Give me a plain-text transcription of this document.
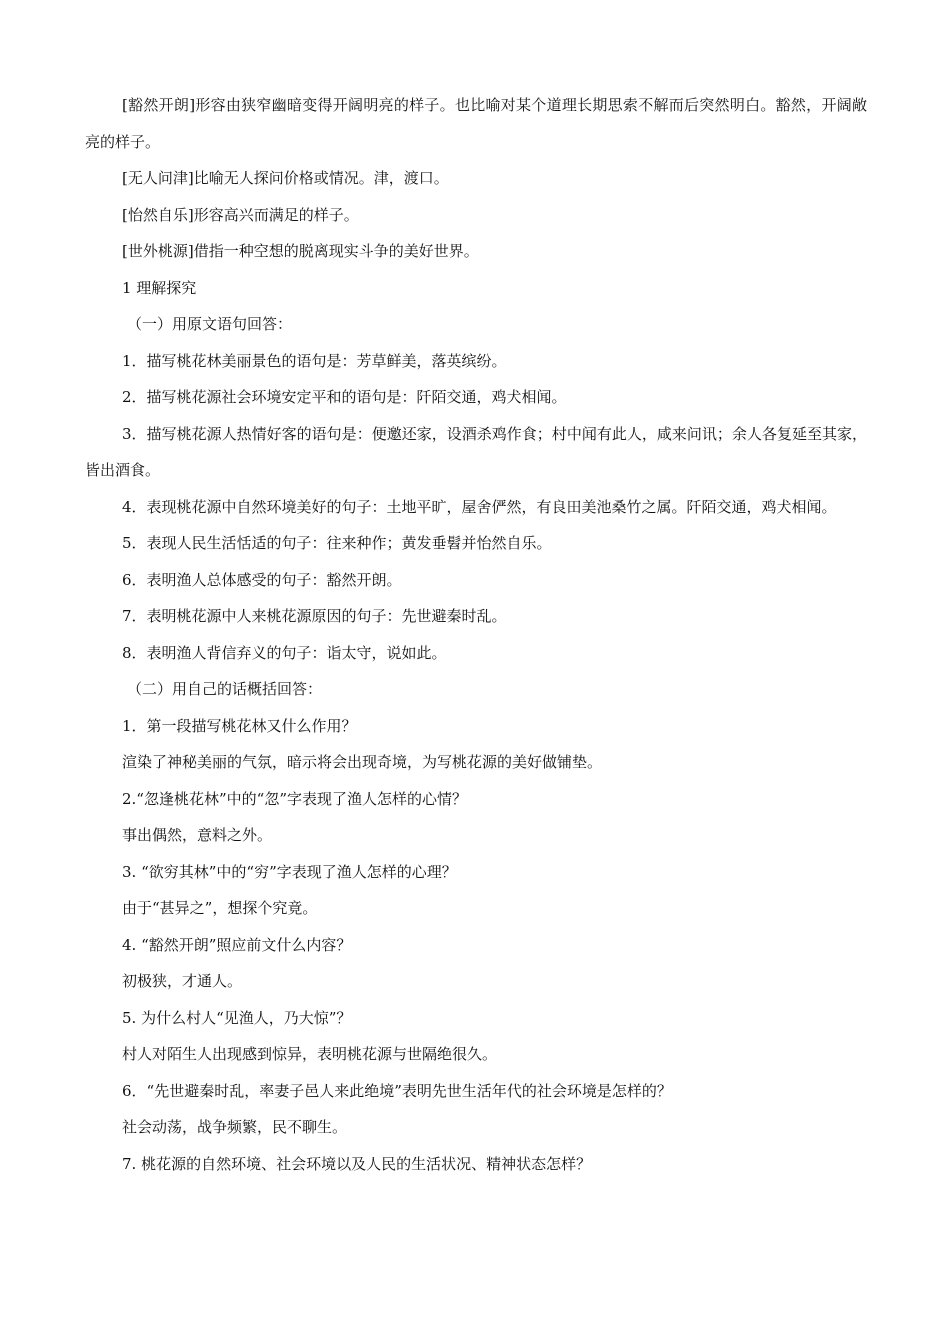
[豁然开朗]形容由狭窄幽暗变得开阔明亮的样子。也比喻对某个道理长期思索不解而后突然明白。豁然，开阔敞亮的样子。

[无人问津]比喻无人探问价格或情况。津，渡口。

[怡然自乐]形容高兴而满足的样子。

[世外桃源]借指一种空想的脱离现实斗争的美好世界。

1 理解探究

（一）用原文语句回答：

1．描写桃花林美丽景色的语句是：芳草鲜美，落英缤纷。

2．描写桃花源社会环境安定平和的语句是：阡陌交通，鸡犬相闻。

3．描写桃花源人热情好客的语句是：便邀还家，设酒杀鸡作食；村中闻有此人，咸来问讯；余人各复延至其家，皆出酒食。

4．表现桃花源中自然环境美好的句子：土地平旷，屋舍俨然，有良田美池桑竹之属。阡陌交通，鸡犬相闻。

5．表现人民生活恬适的句子：往来种作；黄发垂髫并怡然自乐。

6．表明渔人总体感受的句子：豁然开朗。

7．表明桃花源中人来桃花源原因的句子：先世避秦时乱。

8．表明渔人背信弃义的句子：诣太守，说如此。

（二）用自己的话概括回答：

1．第一段描写桃花林又什么作用？

渲染了神秘美丽的气氛，暗示将会出现奇境，为写桃花源的美好做铺垫。

2.“忽逢桃花林”中的“忽”字表现了渔人怎样的心情？

事出偶然，意料之外。

3. “欲穷其林”中的“穷”字表现了渔人怎样的心理？

由于“甚异之”，想探个究竟。

4. “豁然开朗”照应前文什么内容？

初极狭，才通人。

5. 为什么村人“见渔人，乃大惊”？

村人对陌生人出现感到惊异，表明桃花源与世隔绝很久。

6．“先世避秦时乱，率妻子邑人来此绝境”表明先世生活年代的社会环境是怎样的？

社会动荡，战争频繁，民不聊生。

7. 桃花源的自然环境、社会环境以及人民的生活状况、精神状态怎样？
